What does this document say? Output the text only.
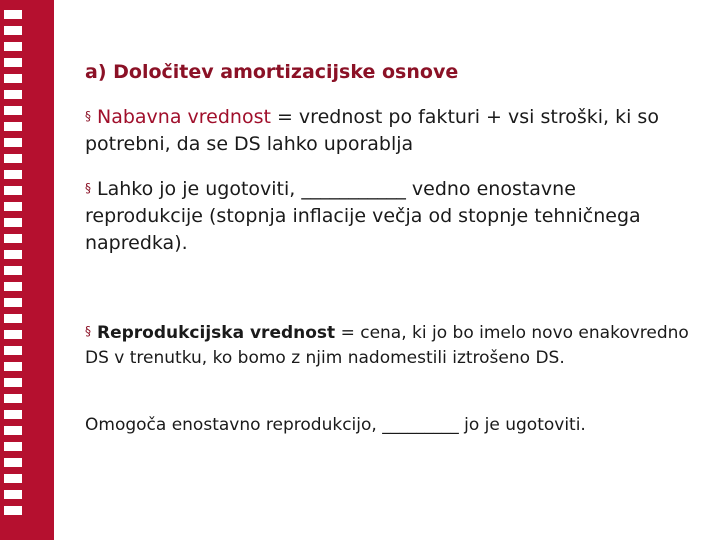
a) Določitev amortizacijske osnove
§ Nabavna vrednost = vrednost po fakturi + vsi stroški, ki so potrebni, da se DS lahko uporablja
§ Lahko jo je ugotoviti, ___________ vedno enostavne reprodukcije (stopnja inflacije večja od stopnje tehničnega napredka).
§ Reprodukcijska vrednost = cena, ki jo bo imelo novo enakovredno DS v trenutku, ko bomo z njim nadomestili iztrošeno DS.
Omogoča enostavno reprodukcijo, _________ jo je ugotoviti.
